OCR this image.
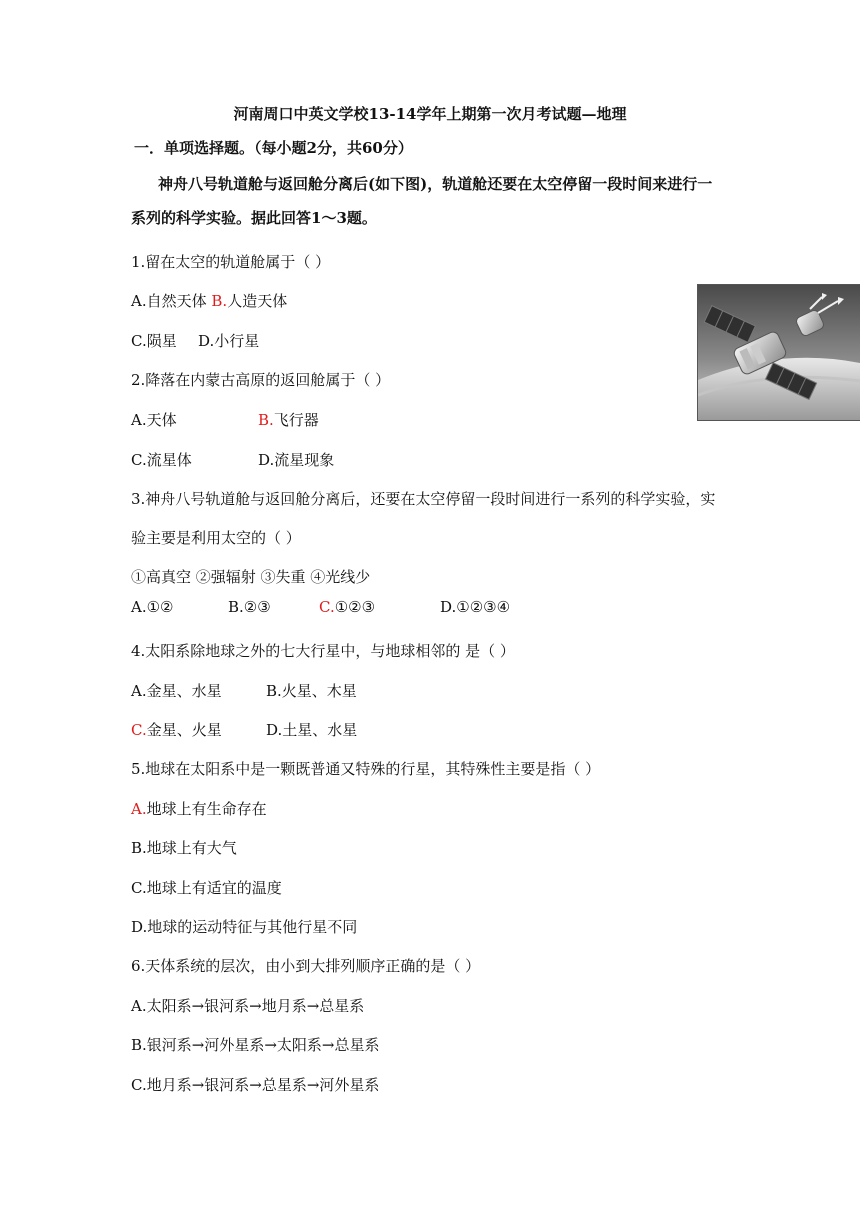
河南周口中英文学校13-14学年上期第一次月考试题—地理
一．单项选择题。（每小题2分，共60分）
神舟八号轨道舱与返回舱分离后(如下图)，轨道舱还要在太空停留一段时间来进行一
系列的科学实验。据此回答1～3题。
1.留在太空的轨道舱属于（ ）
A.自然天体 B.人造天体
C.陨星 D.小行星
2.降落在内蒙古高原的返回舱属于（ ）
A.天体	B.飞行器
C.流星体	D.流星现象
3.神舟八号轨道舱与返回舱分离后，还要在太空停留一段时间进行一系列的科学实验，实
验主要是利用太空的（ ）
①高真空 ②强辐射 ③失重 ④光线少
A.①②	B.②③	C.①②③	D.①②③④
4.太阳系除地球之外的七大行星中，与地球相邻的 是（ ）
A.金星、水星	B.火星、木星
C.金星、火星	D.土星、水星
5.地球在太阳系中是一颗既普通又特殊的行星，其特殊性主要是指（ ）
A.地球上有生命存在
B.地球上有大气
C.地球上有适宜的温度
D.地球的运动特征与其他行星不同
6.天体系统的层次，由小到大排列顺序正确的是（ ）
A.太阳系→银河系→地月系→总星系
B.银河系→河外星系→太阳系→总星系
C.地月系→银河系→总星系→河外星系
